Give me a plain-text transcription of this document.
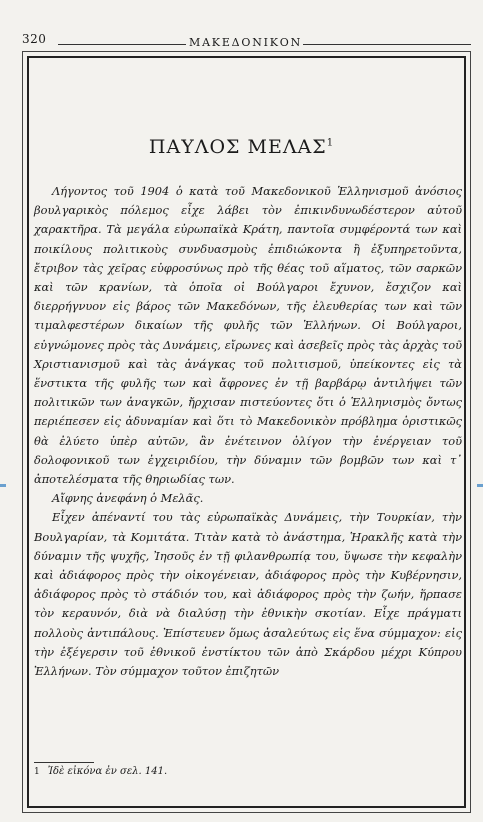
320	ΜΑΚΕΔΟΝΙΚΟΝ
ΠΑΥΛΟΣ ΜΕΛΑΣ$^1$

Λήγοντος τοῦ 1904 ὁ κατὰ τοῦ Μακεδονικοῦ Ἑλληνισμοῦ ἀνόσιος βουλγαρικὸς πόλεμος εἶχε λάβει τὸν ἐπικινδυνωδέστερον αὐτοῦ χαρακτῆρα. Τὰ μεγάλα εὐρωπαϊκὰ Κράτη, παντοῖα συμφέροντά των καὶ ποικίλους πολιτικοὺς συνδυασμοὺς ἐπιδιώκοντα ἢ ἐξυπηρετοῦντα, ἔτριβον τὰς χεῖρας εὐφροσύνως πρὸ τῆς θέας τοῦ αἵματος, τῶν σαρκῶν καὶ τῶν κρανίων, τὰ ὁποῖα οἱ Βούλγαροι ἔχυνον, ἔσχιζον καὶ διερρήγνυον εἰς βάρος τῶν Μακεδόνων, τῆς ἐλευθερίας των καὶ τῶν τιμαλφεστέρων δικαίων τῆς φυλῆς τῶν Ἑλλήνων. Οἱ Βούλγαροι, εὐγνώμονες πρὸς τὰς Δυνάμεις, εἴρωνες καὶ ἀσεβεῖς πρὸς τὰς ἀρχὰς τοῦ Χριστιανισμοῦ καὶ τὰς ἀνάγκας τοῦ πολιτισμοῦ, ὑπείκοντες εἰς τὰ ἕνστικτα τῆς φυλῆς των καὶ ἄφρονες ἐν τῇ βαρβάρῳ ἀντιλήψει τῶν πολιτικῶν των ἀναγκῶν, ἤρχισαν πιστεύοντες ὅτι ὁ Ἑλληνισμὸς ὄντως περιέπεσεν εἰς ἀδυναμίαν καὶ ὅτι τὸ Μακεδονικὸν πρόβλημα ὁριστικῶς θὰ ἐλύετο ὑπὲρ αὐτῶν, ἂν ἐνέτεινον ὀλίγον τὴν ἐνέργειαν τοῦ δολοφονικοῦ των ἐγχειριδίου, τὴν δύναμιν τῶν βομβῶν των καὶ τ᾿ ἀποτελέσματα τῆς θηριωδίας των.

Αἴφνης ἀνεφάνη ὁ Μελᾶς.

Εἶχεν ἀπέναντί του τὰς εὐρωπαϊκὰς Δυνάμεις, τὴν Τουρκίαν, τὴν Βουλγαρίαν, τὰ Κομιτάτα. Τιτὰν κατὰ τὸ ἀνάστημα, Ἡρακλῆς κατὰ τὴν δύναμιν τῆς ψυχῆς, Ἰησοῦς ἐν τῇ φιλανθρωπίᾳ του, ὕψωσε τὴν κεφαλὴν καὶ ἀδιάφορος πρὸς τὴν οἰκογένειαν, ἀδιάφορος πρὸς τὴν Κυβέρνησιν, ἀδιάφορος πρὸς τὸ στάδιόν του, καὶ ἀδιάφορος πρὸς τὴν ζωήν, ἥρπασε τὸν κεραυνόν, διὰ νὰ διαλύσῃ τὴν ἐθνικὴν σκοτίαν. Εἶχε πράγματι πολλοὺς ἀντιπάλους. Ἐπίστευεν ὅμως ἀσαλεύτως εἰς ἕνα σύμμαχον: εἰς τὴν ἐξέγερσιν τοῦ ἐθνικοῦ ἐνστίκτου τῶν ἀπὸ Σκάρδου μέχρι Κύπρου Ἑλλήνων. Τὸν σύμμαχον τοῦτον ἐπιζητῶν

1 Ἰδὲ εἰκόνα ἐν σελ. 141.
